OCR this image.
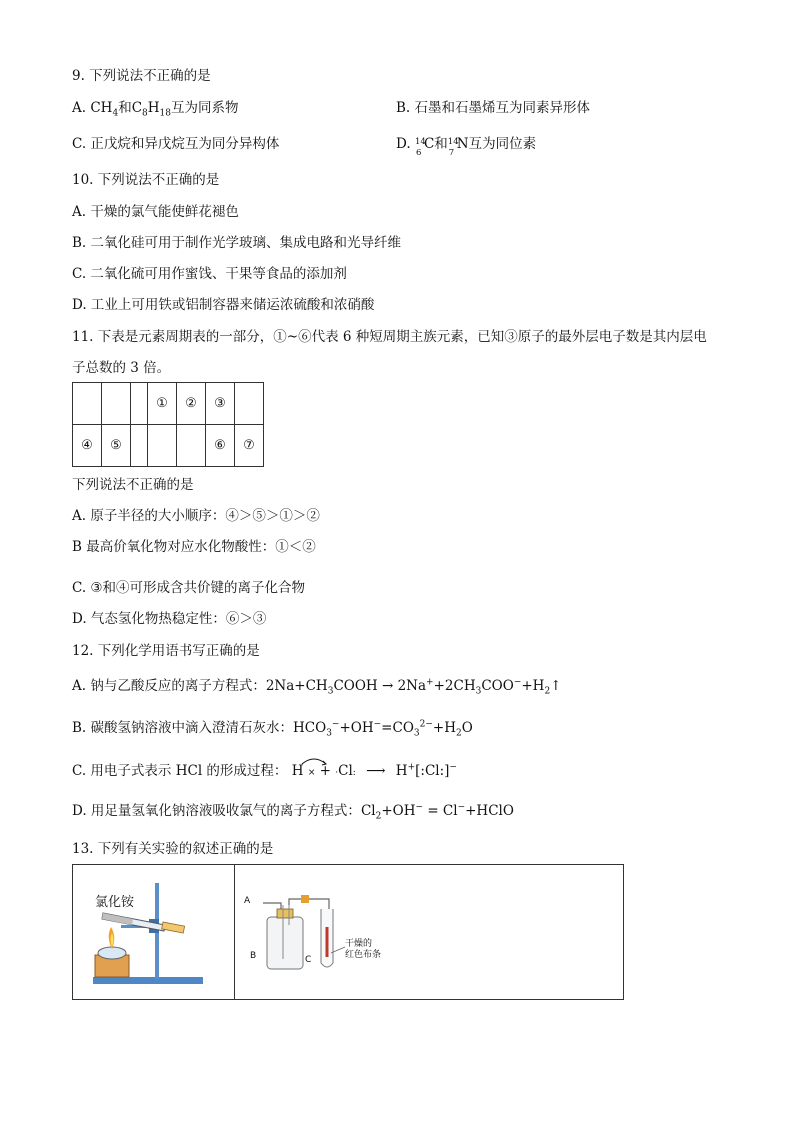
9. 下列说法不正确的是
A. $CH_4$和$C_8H_{18}$互为同系物	B. 石墨和石墨烯互为同素异形体
C. 正戊烷和异戊烷互为同分异构体	D. 14
6
C和 14
7
N互为同位素
10. 下列说法不正确的是
A. 干燥的氯气能使鲜花褪色
B. 二氧化硅可用于制作光学玻璃、集成电路和光导纤维
C. 二氧化硫可用作蜜饯、干果等食品的添加剂
D. 工业上可用铁或铝制容器来储运浓硫酸和浓硝酸
11. 下表是元素周期表的一部分，①~⑥代表 6 种短周期主族元素，已知③原子的最外层电子数是其内层电
子总数的 3 倍。
			①	②	③	
④	⑤				⑥	⑦
下列说法不正确的是
A. 原子半径的大小顺序：④＞⑤＞①＞②
B 最高价氧化物对应水化物酸性：①＜②
C. ③和④可形成含共价键的离子化合物
D. 气态氢化物热稳定性：⑥＞③
12. 下列化学用语书写正确的是
A. 钠与乙酸反应的离子方程式：$2Na+CH_3COOH$ → $2Na^++2CH_3COO^-+H_2↑$
B. 碳酸氢钠溶液中滴入澄清石灰水：$HCO_3^-+OH^-=CO_3^{2-}+H_2O$
C. 用电子式表示 HCl 的形成过程： H × + ·Cl: ⟶ H+[:Cl:]−
D. 用足量氢氧化钠溶液吸收氯气的离子方程式：$Cl_2+OH^-$ = Cl−+HClO
13. 下列有关实验的叙述正确的是
氯化铵	A
B	C
干燥的
红色布条
